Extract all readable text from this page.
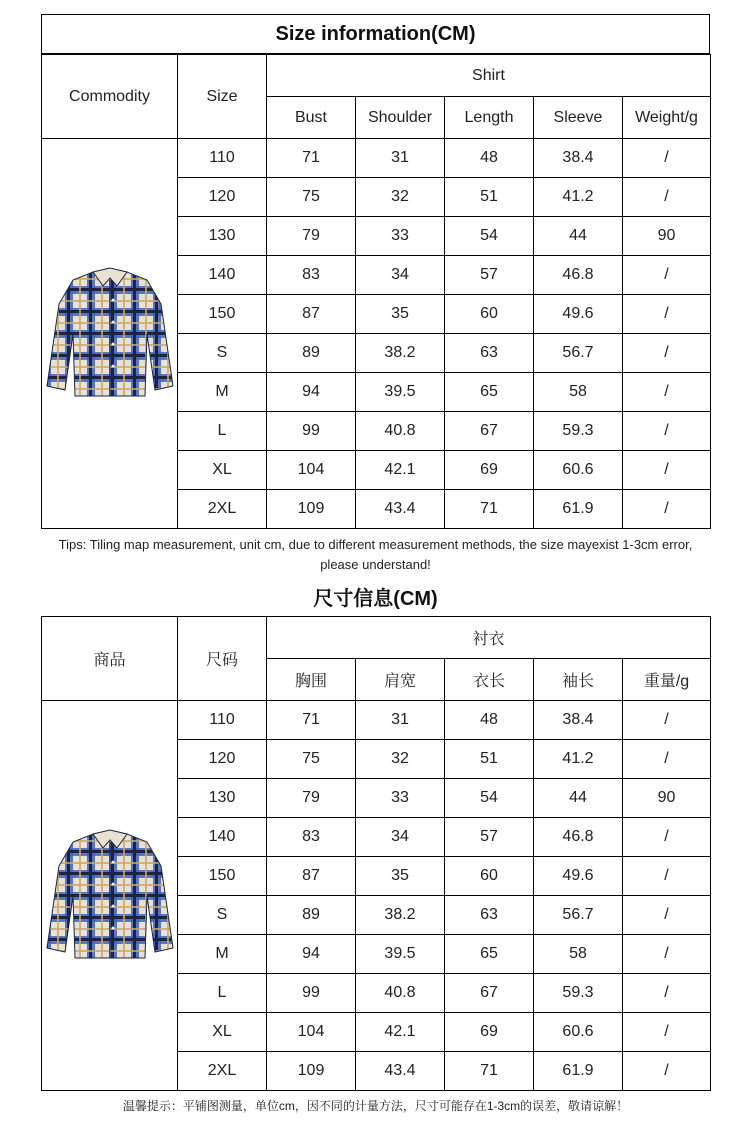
Size information(CM)
Commodity	Size	Shirt				
		Bust	Shoulder	Length	Sleeve	Weight/g

	110	71	31	48	38.4	/
	120	75	32	51	41.2	/
	130	79	33	54	44	90
	140	83	34	57	46.8	/
	150	87	35	60	49.6	/
	S	89	38.2	63	56.7	/
	M	94	39.5	65	58	/
	L	99	40.8	67	59.3	/
	XL	104	42.1	69	60.6	/
	2XL	109	43.4	71	61.9	/
Tips: Tiling map measurement, unit cm, due to different measurement methods, the size mayexist 1-3cm error, please understand!
尺寸信息(CM)
商品	尺码	衬衣				
		胸围	肩宽	衣长	袖长	重量/g

	110	71	31	48	38.4	/
	120	75	32	51	41.2	/
	130	79	33	54	44	90
	140	83	34	57	46.8	/
	150	87	35	60	49.6	/
	S	89	38.2	63	56.7	/
	M	94	39.5	65	58	/
	L	99	40.8	67	59.3	/
	XL	104	42.1	69	60.6	/
	2XL	109	43.4	71	61.9	/
温馨提示：平铺图测量，单位cm，因不同的计量方法，尺寸可能存在1-3cm的误差，敬请谅解！
